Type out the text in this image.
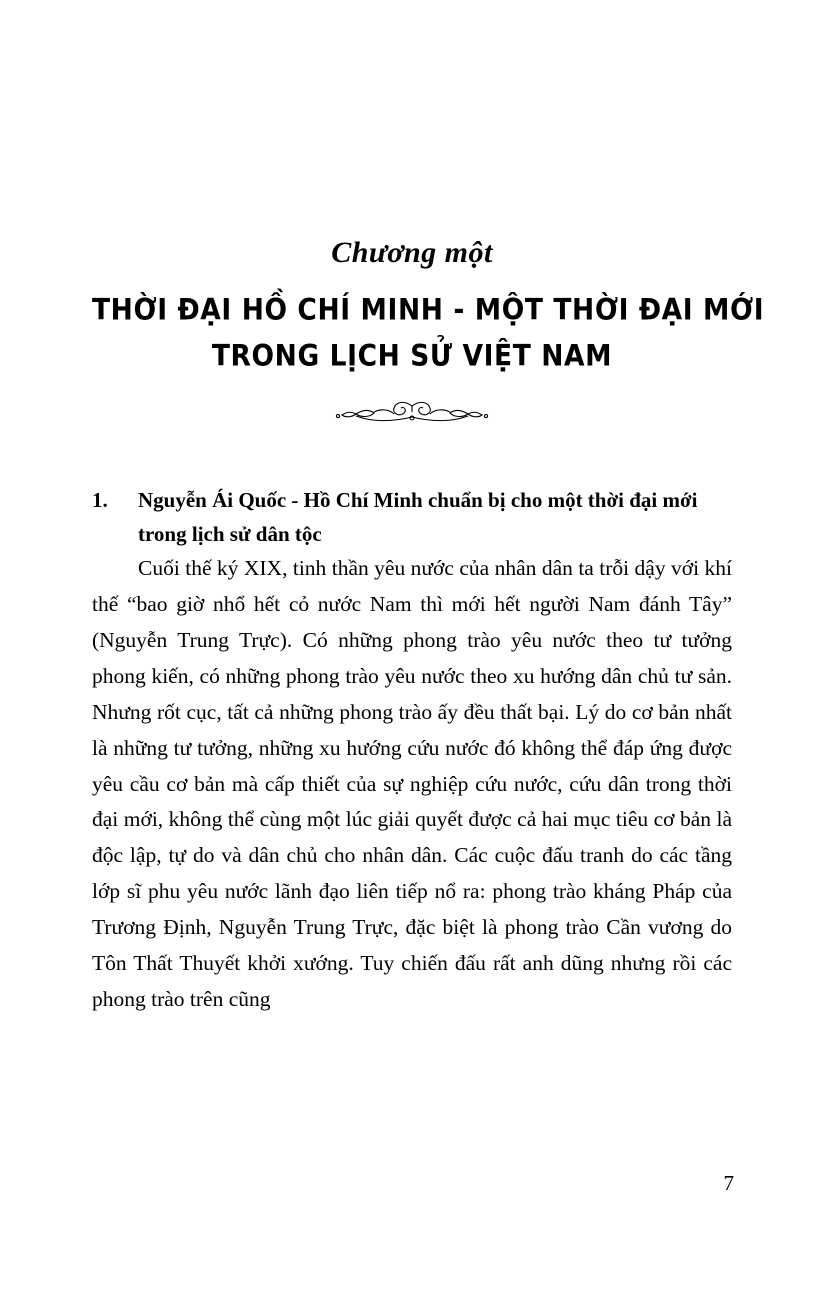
Chương một
THỜI ĐẠI HỒ CHÍ MINH - MỘT THỜI ĐẠI MỚI
TRONG LỊCH SỬ VIỆT NAM
1.	Nguyễn Ái Quốc - Hồ Chí Minh chuẩn bị cho một thời đại mới trong lịch sử dân tộc

Cuối thế ký XIX, tinh thần yêu nước của nhân dân ta trỗi dậy với khí thế “bao giờ nhổ hết cỏ nước Nam thì mới hết người Nam đánh Tây” (Nguyễn Trung Trực). Có những phong trào yêu nước theo tư tưởng phong kiến, có những phong trào yêu nước theo xu hướng dân chủ tư sản. Nhưng rốt cục, tất cả những phong trào ấy đều thất bại. Lý do cơ bản nhất là những tư tưởng, những xu hướng cứu nước đó không thể đáp ứng được yêu cầu cơ bản mà cấp thiết của sự nghiệp cứu nước, cứu dân trong thời đại mới, không thể cùng một lúc giải quyết được cả hai mục tiêu cơ bản là độc lập, tự do và dân chủ cho nhân dân. Các cuộc đấu tranh do các tầng lớp sĩ phu yêu nước lãnh đạo liên tiếp nổ ra: phong trào kháng Pháp của Trương Định, Nguyễn Trung Trực, đặc biệt là phong trào Cần vương do Tôn Thất Thuyết khởi xướng. Tuy chiến đấu rất anh dũng nhưng rồi các phong trào trên cũng

7
